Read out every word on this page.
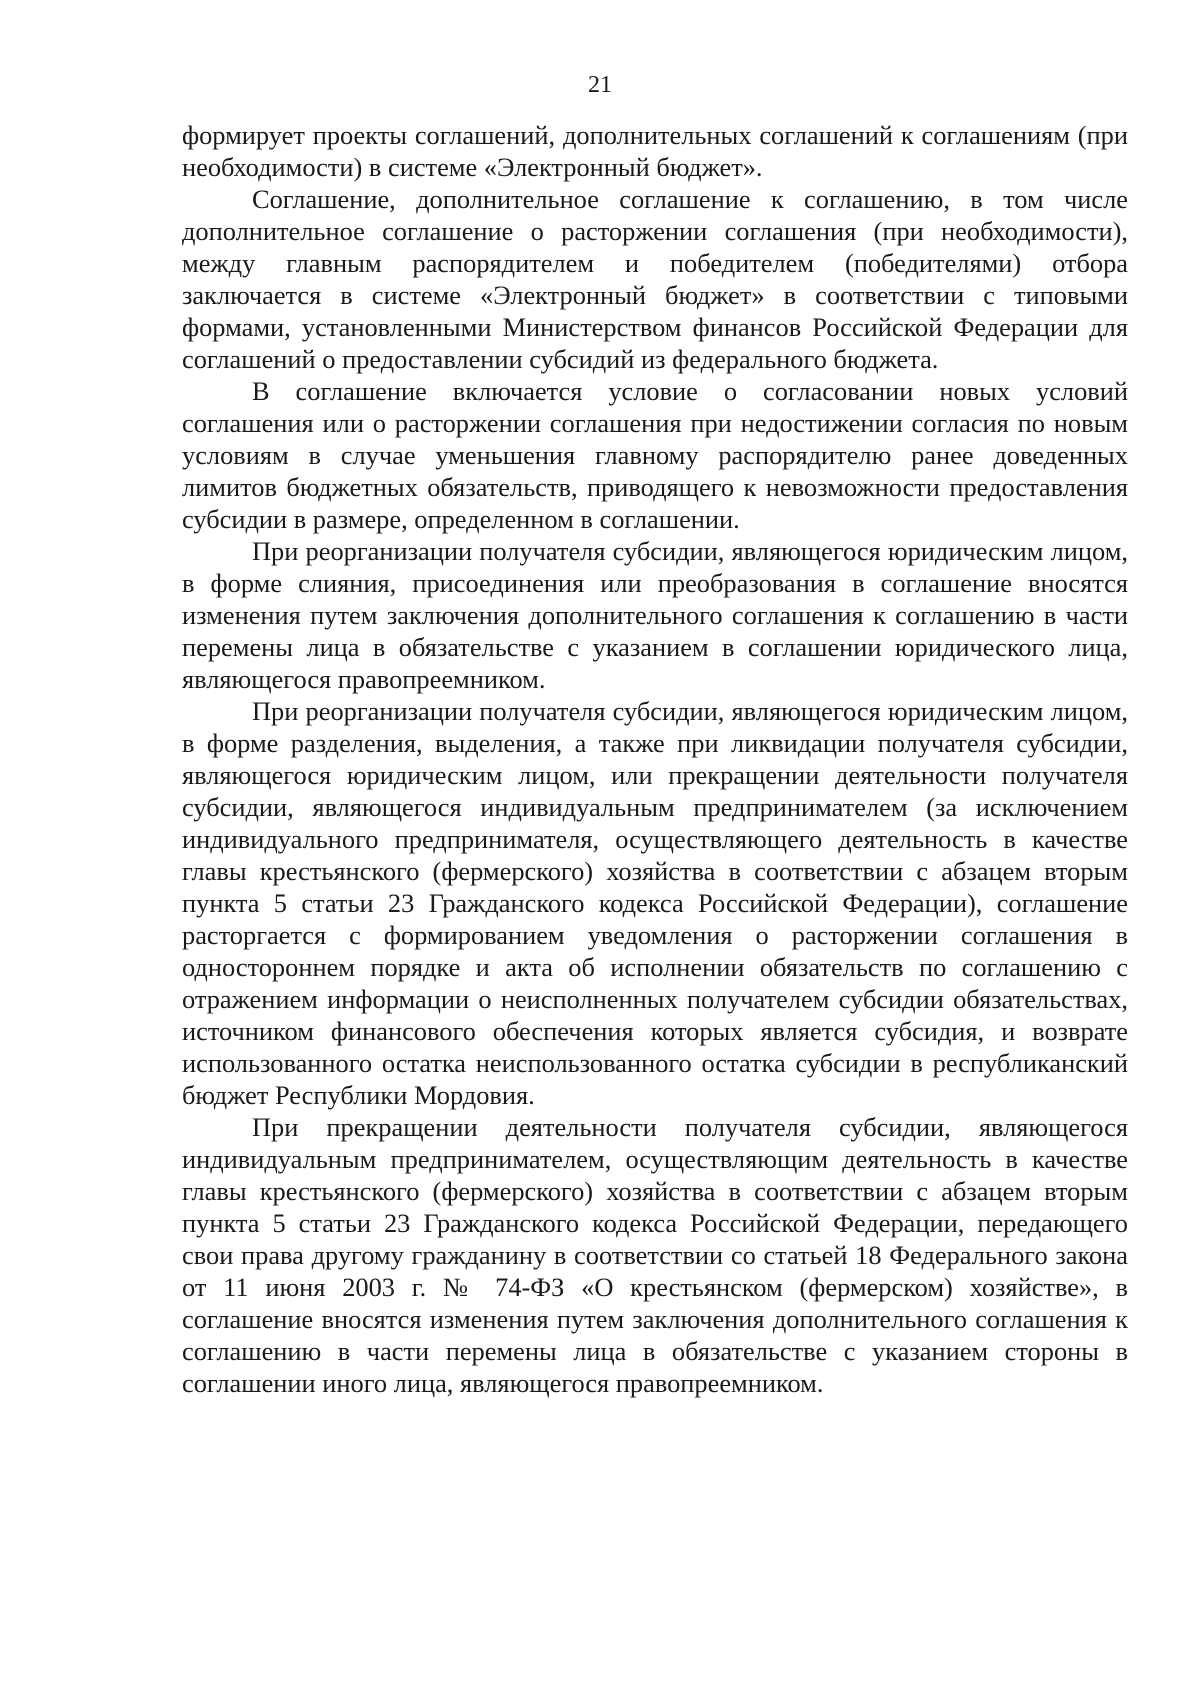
21

формирует проекты соглашений, дополнительных соглашений к соглашениям (при необходимости) в системе «Электронный бюджет».

Соглашение, дополнительное соглашение к соглашению, в том числе дополнительное соглашение о расторжении соглашения (при необходимости), между главным распорядителем и победителем (победителями) отбора заключается в системе «Электронный бюджет» в соответствии с типовыми формами, установленными Министерством финансов Российской Федерации для соглашений о предоставлении субсидий из федерального бюджета.

В соглашение включается условие о согласовании новых условий соглашения или о расторжении соглашения при недостижении согласия по новым условиям в случае уменьшения главному распорядителю ранее доведенных лимитов бюджетных обязательств, приводящего к невозможности предоставления субсидии в размере, определенном в соглашении.

При реорганизации получателя субсидии, являющегося юридическим лицом, в форме слияния, присоединения или преобразования в соглашение вносятся изменения путем заключения дополнительного соглашения к соглашению в части перемены лица в обязательстве с указанием в соглашении юридического лица, являющегося правопреемником.

При реорганизации получателя субсидии, являющегося юридическим лицом, в форме разделения, выделения, а также при ликвидации получателя субсидии, являющегося юридическим лицом, или прекращении деятельности получателя субсидии, являющегося индивидуальным предпринимателем (за исключением индивидуального предпринимателя, осуществляющего деятельность в качестве главы крестьянского (фермерского) хозяйства в соответствии с абзацем вторым пункта 5 статьи 23 Гражданского кодекса Российской Федерации), соглашение расторгается с формированием уведомления о расторжении соглашения в одностороннем порядке и акта об исполнении обязательств по соглашению с отражением информации о неисполненных получателем субсидии обязательствах, источником финансового обеспечения которых является субсидия, и возврате использованного остатка неиспользованного остатка субсидии в республиканский бюджет Республики Мордовия.

При прекращении деятельности получателя субсидии, являющегося индивидуальным предпринимателем, осуществляющим деятельность в качестве главы крестьянского (фермерского) хозяйства в соответствии с абзацем вторым пункта 5 статьи 23 Гражданского кодекса Российской Федерации, передающего свои права другому гражданину в соответствии со статьей 18 Федерального закона от 11 июня 2003 г. № 74-ФЗ «О крестьянском (фермерском) хозяйстве», в соглашение вносятся изменения путем заключения дополнительного соглашения к соглашению в части перемены лица в обязательстве с указанием стороны в соглашении иного лица, являющегося правопреемником.
